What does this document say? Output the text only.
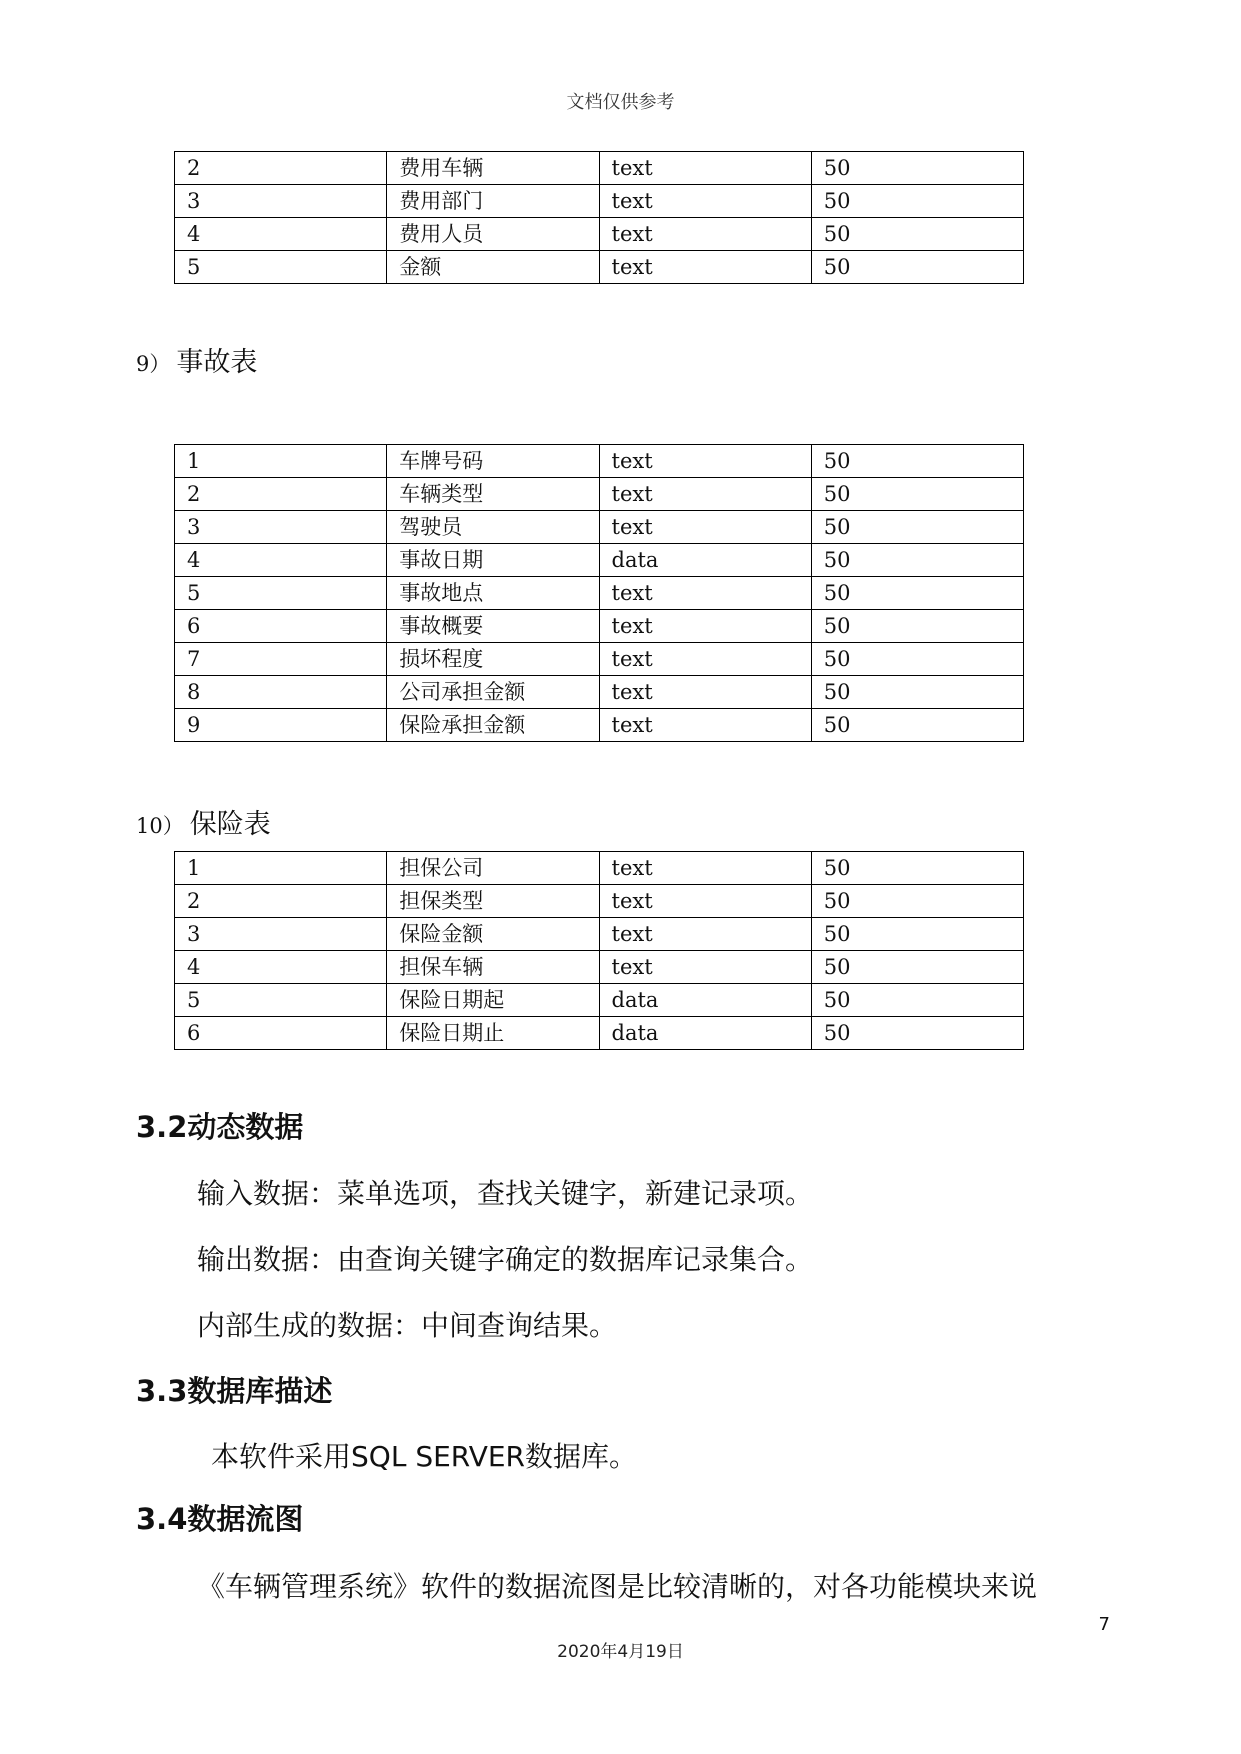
文档仅供参考
2	费用车辆	text	50
3	费用部门	text	50
4	费用人员	text	50
5	金额	text	50
9） 事故表
1	车牌号码	text	50
2	车辆类型	text	50
3	驾驶员	text	50
4	事故日期	data	50
5	事故地点	text	50
6	事故概要	text	50
7	损坏程度	text	50
8	公司承担金额	text	50
9	保险承担金额	text	50
10） 保险表
1	担保公司	text	50
2	担保类型	text	50
3	保险金额	text	50
4	担保车辆	text	50
5	保险日期起	data	50
6	保险日期止	data	50
3.2动态数据
输入数据：菜单选项，查找关键字，新建记录项。
输出数据：由查询关键字确定的数据库记录集合。
内部生成的数据：中间查询结果。
3.3数据库描述
本软件采用SQL SERVER数据库。
3.4数据流图
《车辆管理系统》软件的数据流图是比较清晰的，对各功能模块来说
7
2020年4月19日
